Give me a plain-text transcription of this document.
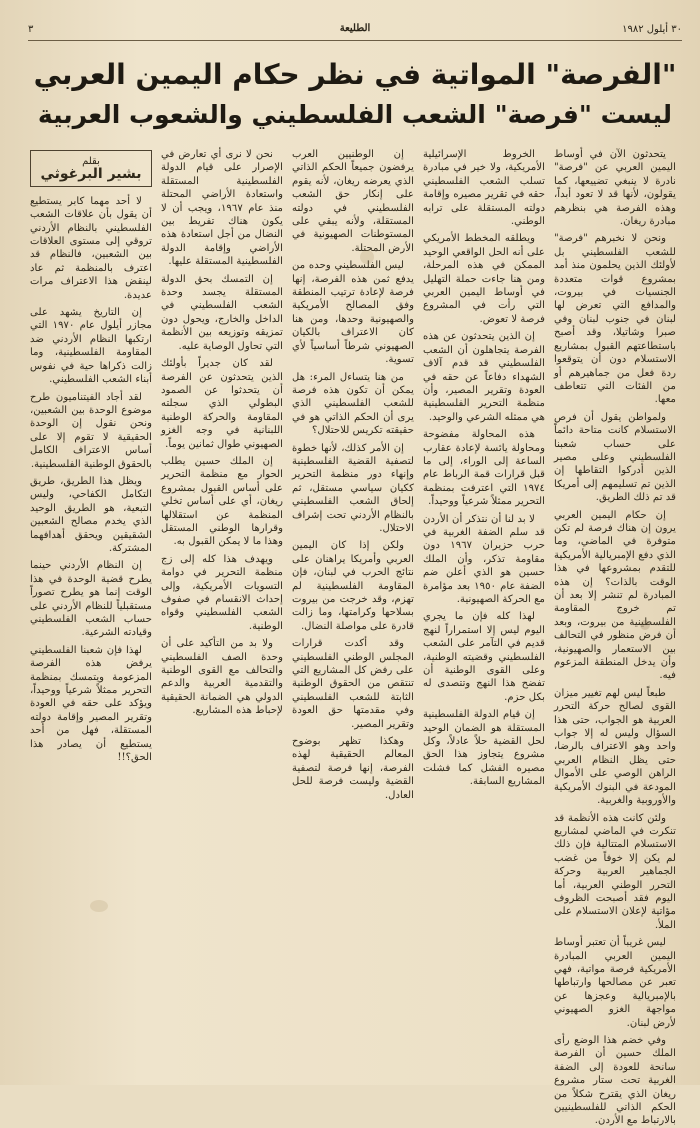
٣٠ أيلول ١٩٨٢
الطليعة
٣
"الفرصة" المواتية في نظر حكام اليمين العربي
ليست "فرصة" الشعب الفلسطيني والشعوب العربية

يتحدثون الآن في أوساط اليمين العربي عن "فرصة" نادرة لا ينبغي تضييعها، كما يقولون، لأنها قد لا تعود أبداً، وهذه الفرصة هي بنظرهم مبادرة ريغان.

ونحن لا نخبرهم "فرصة" للشعب الفلسطيني بل لأولئك الذين يحلمون منذ أمد بمشروع قوات متعددة الجنسيات في بيروت، والمدافع التي تعرض لها لبنان في جنوب لبنان وفي صبرا وشاتيلا، وقد أصبح باستطاعتهم القبول بمشاريع الاستسلام دون أن يتوقعوا ردة فعل من جماهيرهم أو من الفئات التي تتعاطف معها.

ولمواطن يقول أن فرص الاستسلام كانت متاحة دائماً على حساب شعبنا الفلسطيني وعلى مصير الذين أدركوا التقاطها إن الذين تم تسليمهم إلى أمريكا قد تم ذلك الطريق.

إن حكام اليمين العربي يرون إن هناك فرصة لم تكن متوفرة في الماضي، وما الذي دفع الإمبريالية الأمريكية للتقدم بمشروعها في هذا الوقت بالذات؟ إن هذه المبادرة لم تنشر إلا بعد أن تم خروج المقاومة الفلسطينية من بيروت، وبعد أن فرض منظور في التحالف بين الاستعمار والصهيونية، وأن يدخل المنطقة المزعوم فيه.

طبعاً ليس لهم تغيير ميزان القوى لصالح حركة التحرر العربية هو الجواب، حتى هذا السؤال وليس له إلا جواب واحد وهو الاعتراف بالرضا، حتى يظل النظام العربي الراهن الوصي على الأموال المودعة في البنوك الأمريكية والأوروبية والغربية.

ولئن كانت هذه الأنظمة قد تنكرت في الماضي لمشاريع الاستسلام المتتالية فإن ذلك لم يكن إلا خوفاً من غضب الجماهير العربية وحركة التحرر الوطني العربية، أما اليوم فقد أصبحت الظروف مؤاتية لإعلان الاستسلام على الملأ.

ليس غريباً أن تعتبر أوساط اليمين العربي المبادرة الأمريكية فرصة مواتية، فهي تعبر عن مصالحها وارتباطها بالإمبريالية وعجزها عن مواجهة الغزو الصهيوني لأرض لبنان.

وفي خضم هذا الوضع رأى الملك حسين أن الفرصة سانحة للعودة إلى الضفة الغربية تحت ستار مشروع ريغان الذي يقترح شكلاً من الحكم الذاتي للفلسطينيين بالارتباط مع الأردن.

الخروط الإسرائيلية الأمريكية، ولا خير في مبادرة تسلب الشعب الفلسطيني حقه في تقرير مصيره وإقامة دولته المستقلة على ترابه الوطني.

ويطلقه المخطط الأمريكي على أنه الحل الواقعي الوحيد الممكن في هذه المرحلة، ومن هنا جاءت حملة التهليل في أوساط اليمين العربي التي رأت في المشروع فرصة لا تعوض.

إن الذين يتحدثون عن هذه الفرصة يتجاهلون أن الشعب الفلسطيني قد قدم آلاف الشهداء دفاعاً عن حقه في العودة وتقرير المصير، وأن منظمة التحرير الفلسطينية هي ممثله الشرعي والوحيد.

هذه المحاولة مفضوحة ومحاولة يائسة لإعادة عقارب الساعة إلى الوراء، إلى ما قبل قرارات قمة الرباط عام ١٩٧٤ التي اعترفت بمنظمة التحرير ممثلاً شرعياً ووحيداً.

لا بد لنا أن نتذكر أن الأردن قد سلم الضفة الغربية في حرب حزيران ١٩٦٧ دون مقاومة تذكر، وأن الملك حسين هو الذي أعلن ضم الضفة عام ١٩٥٠ بعد مؤامرة مع الحركة الصهيونية.

لهذا كله فإن ما يجري اليوم ليس إلا استمراراً لنهج قديم في التآمر على الشعب الفلسطيني وقضيته الوطنية، وعلى القوى الوطنية أن تفضح هذا النهج وتتصدى له بكل حزم.

إن قيام الدولة الفلسطينية المستقلة هو الضمان الوحيد لحل القضية حلاً عادلاً، وكل مشروع يتجاوز هذا الحق مصيره الفشل كما فشلت المشاريع السابقة.

إن الوطنيين العرب يرفضون جميعاً الحكم الذاتي الذي يعرضه ريغان، لأنه يقوم على إنكار حق الشعب الفلسطيني في دولته المستقلة، ولأنه يبقي على المستوطنات الصهيونية في الأرض المحتلة.

ليس الفلسطيني وحده من يدفع ثمن هذه الفرصة، إنها فرصة لإعادة ترتيب المنطقة وفق المصالح الأمريكية والصهيونية وحدها، ومن هنا كان الاعتراف بالكيان الصهيوني شرطاً أساسياً لأي تسوية.

من هنا يتساءل المرء: هل يمكن أن تكون هذه فرصة للشعب الفلسطيني الذي يرى أن الحكم الذاتي هو في حقيقته تكريس للاحتلال؟

إن الأمر كذلك، لأنها خطوة لتصفية القضية الفلسطينية وإنهاء دور منظمة التحرير ككيان سياسي مستقل، ثم إلحاق الشعب الفلسطيني بالنظام الأردني تحت إشراف الاحتلال.

ولكن إذا كان اليمين العربي وأمريكا يراهنان على نتائج الحرب في لبنان، فإن المقاومة الفلسطينية لم تهزم، وقد خرجت من بيروت بسلاحها وكرامتها، وما زالت قادرة على مواصلة النضال.

وقد أكدت قرارات المجلس الوطني الفلسطيني على رفض كل المشاريع التي تنتقص من الحقوق الوطنية الثابتة للشعب الفلسطيني وفي مقدمتها حق العودة وتقرير المصير.

وهكذا تظهر بوضوح المعالم الحقيقية لهذه الفرصة، إنها فرصة لتصفية القضية وليست فرصة للحل العادل.

نحن لا نرى أي تعارض في الإصرار على قيام الدولة الفلسطينية المستقلة واستعادة الأراضي المحتلة منذ عام ١٩٦٧، ويجب أن لا يكون هناك تفريط بين النضال من أجل استعادة هذه الأراضي وإقامة الدولة الفلسطينية المستقلة عليها.

إن التمسك بحق الدولة المستقلة يجسد وحدة الشعب الفلسطيني في الداخل والخارج، ويحول دون تمزيقه وتوزيعه بين الأنظمة التي تحاول الوصاية عليه.

لقد كان جديراً بأولئك الذين يتحدثون عن الفرصة أن يتحدثوا عن الصمود البطولي الذي سجلته المقاومة والحركة الوطنية اللبنانية في وجه الغزو الصهيوني طوال ثمانين يوماً.

إن الملك حسين يطلب الحوار مع منظمة التحرير على أساس القبول بمشروع ريغان، أي على أساس تخلي المنظمة عن استقلالها وقرارها الوطني المستقل وهذا ما لا يمكن القبول به.

ويهدف هذا كله إلى زج منظمة التحرير في دوامة التسويات الأمريكية، وإلى إحداث الانقسام في صفوف الشعب الفلسطيني وقواه الوطنية.

ولا بد من التأكيد على أن وحدة الصف الفلسطيني والتحالف مع القوى الوطنية والتقدمية العربية والدعم الدولي هي الضمانة الحقيقية لإحباط هذه المشاريع.

بقلم
بشير البرغوثي

لا أحد مهما كابر يستطيع أن يقول بأن علاقات الشعب الفلسطيني بالنظام الأردني تروقي إلى مستوى العلاقات بين الشعبين، فالنظام قد اعترف بالمنظمة ثم عاد لينقض هذا الاعتراف مرات عديدة.

إن التاريخ يشهد على مجازر أيلول عام ١٩٧٠ التي ارتكبها النظام الأردني ضد المقاومة الفلسطينية، وما زالت ذكراها حية في نفوس أبناء الشعب الفلسطيني.

لقد أجاد الفيتناميون طرح موضوع الوحدة بين الشعبين، ونحن نقول إن الوحدة الحقيقية لا تقوم إلا على أساس الاعتراف الكامل بالحقوق الوطنية الفلسطينية.

ويظل هذا الطريق، طريق التكامل الكفاحي، وليس التبعية، هو الطريق الوحيد الذي يخدم مصالح الشعبين الشقيقين ويحقق أهدافهما المشتركة.

إن النظام الأردني حينما يطرح قضية الوحدة في هذا الوقت إنما هو يطرح تصوراً مستقبلياً للنظام الأردني على حساب الشعب الفلسطيني وقيادته الشرعية.

لهذا فإن شعبنا الفلسطيني يرفض هذه الفرصة المزعومة ويتمسك بمنظمة التحرير ممثلاً شرعياً ووحيداً، ويؤكد على حقه في العودة وتقرير المصير وإقامة دولته المستقلة، فهل من أحد يستطيع أن يصادر هذا الحق؟!!
